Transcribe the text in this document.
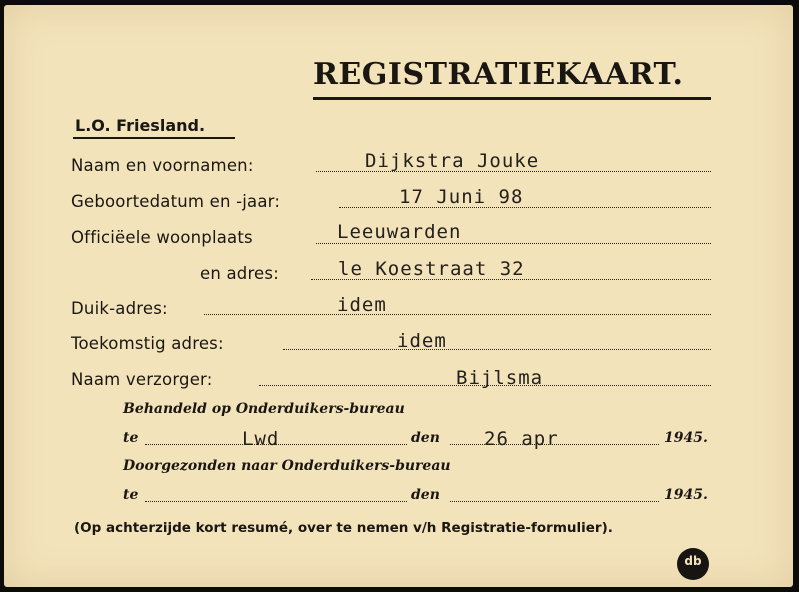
REGISTRATIEKAART.
L.O. Friesland.
Naam en voornamen:	Dijkstra Jouke
Geboortedatum en -jaar:	17 Juni 98
Officiëele woonplaats	Leeuwarden
en adres:	le Koestraat 32
Duik-adres:	idem
Toekomstig adres:	idem
Naam verzorger:	Bijlsma
Behandeld op Onderduikers-bureau
te	Lwd	den 26 apr	1945.
Doorgezonden naar Onderduikers-bureau
te	den	1945.
(Op achterzijde kort resumé, over te nemen v/h Registratie-formulier).
db
